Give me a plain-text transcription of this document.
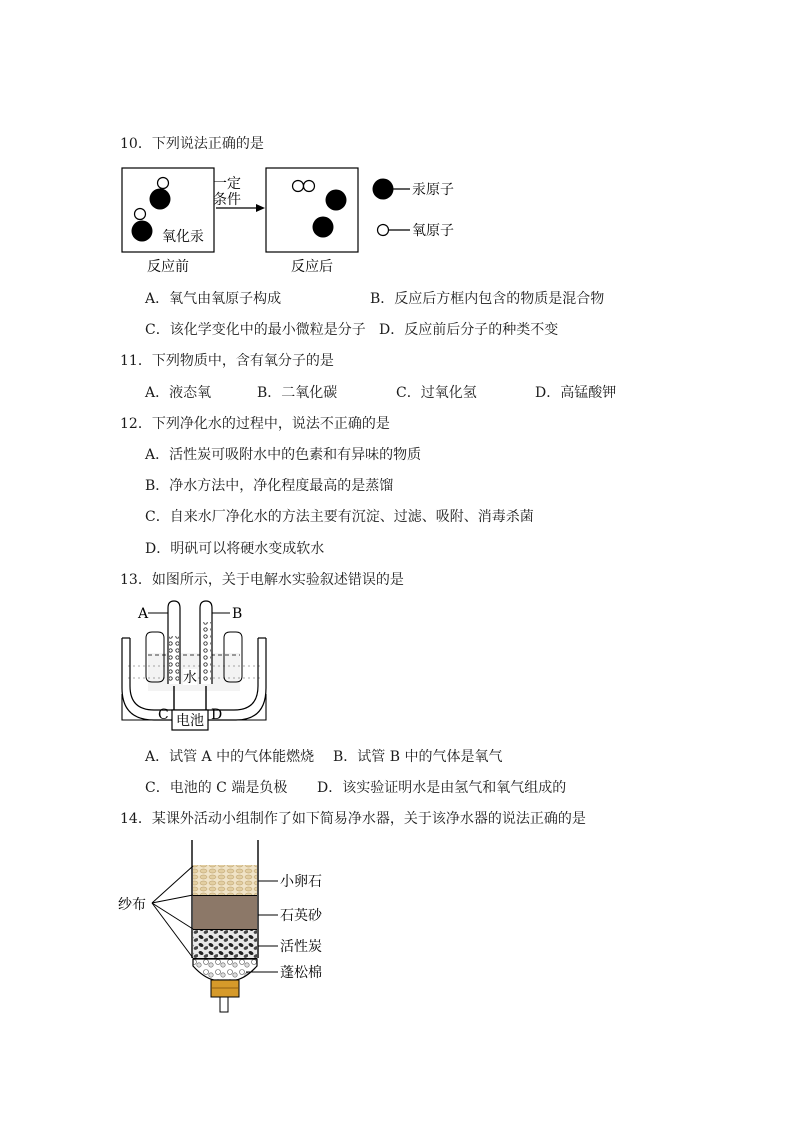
10．下列说法正确的是
氧化汞
一定
条件
反应前	反应后
汞原子
氧原子
A．氧气由氧原子构成	B．反应后方框内包含的物质是混合物
C．该化学变化中的最小微粒是分子 D．反应前后分子的种类不变
11．下列物质中，含有氧分子的是
A．液态氧	B．二氧化碳	C．过氧化氢	D．高锰酸钾
12．下列净化水的过程中，说法不正确的是
A．活性炭可吸附水中的色素和有异味的物质
B．净水方法中，净化程度最高的是蒸馏
C．自来水厂净化水的方法主要有沉淀、过滤、吸附、消毒杀菌
D．明矾可以将硬水变成软水
13．如图所示，关于电解水实验叙述错误的是
A	B
水
电池
C	D
A．试管 A 中的气体能燃烧 B．试管 B 中的气体是氧气
C．电池的 C 端是负极 D．该实验证明水是由氢气和氧气组成的
14．某课外活动小组制作了如下简易净水器，关于该净水器的说法正确的是
纱布
小卵石
石英砂
活性炭
蓬松棉
